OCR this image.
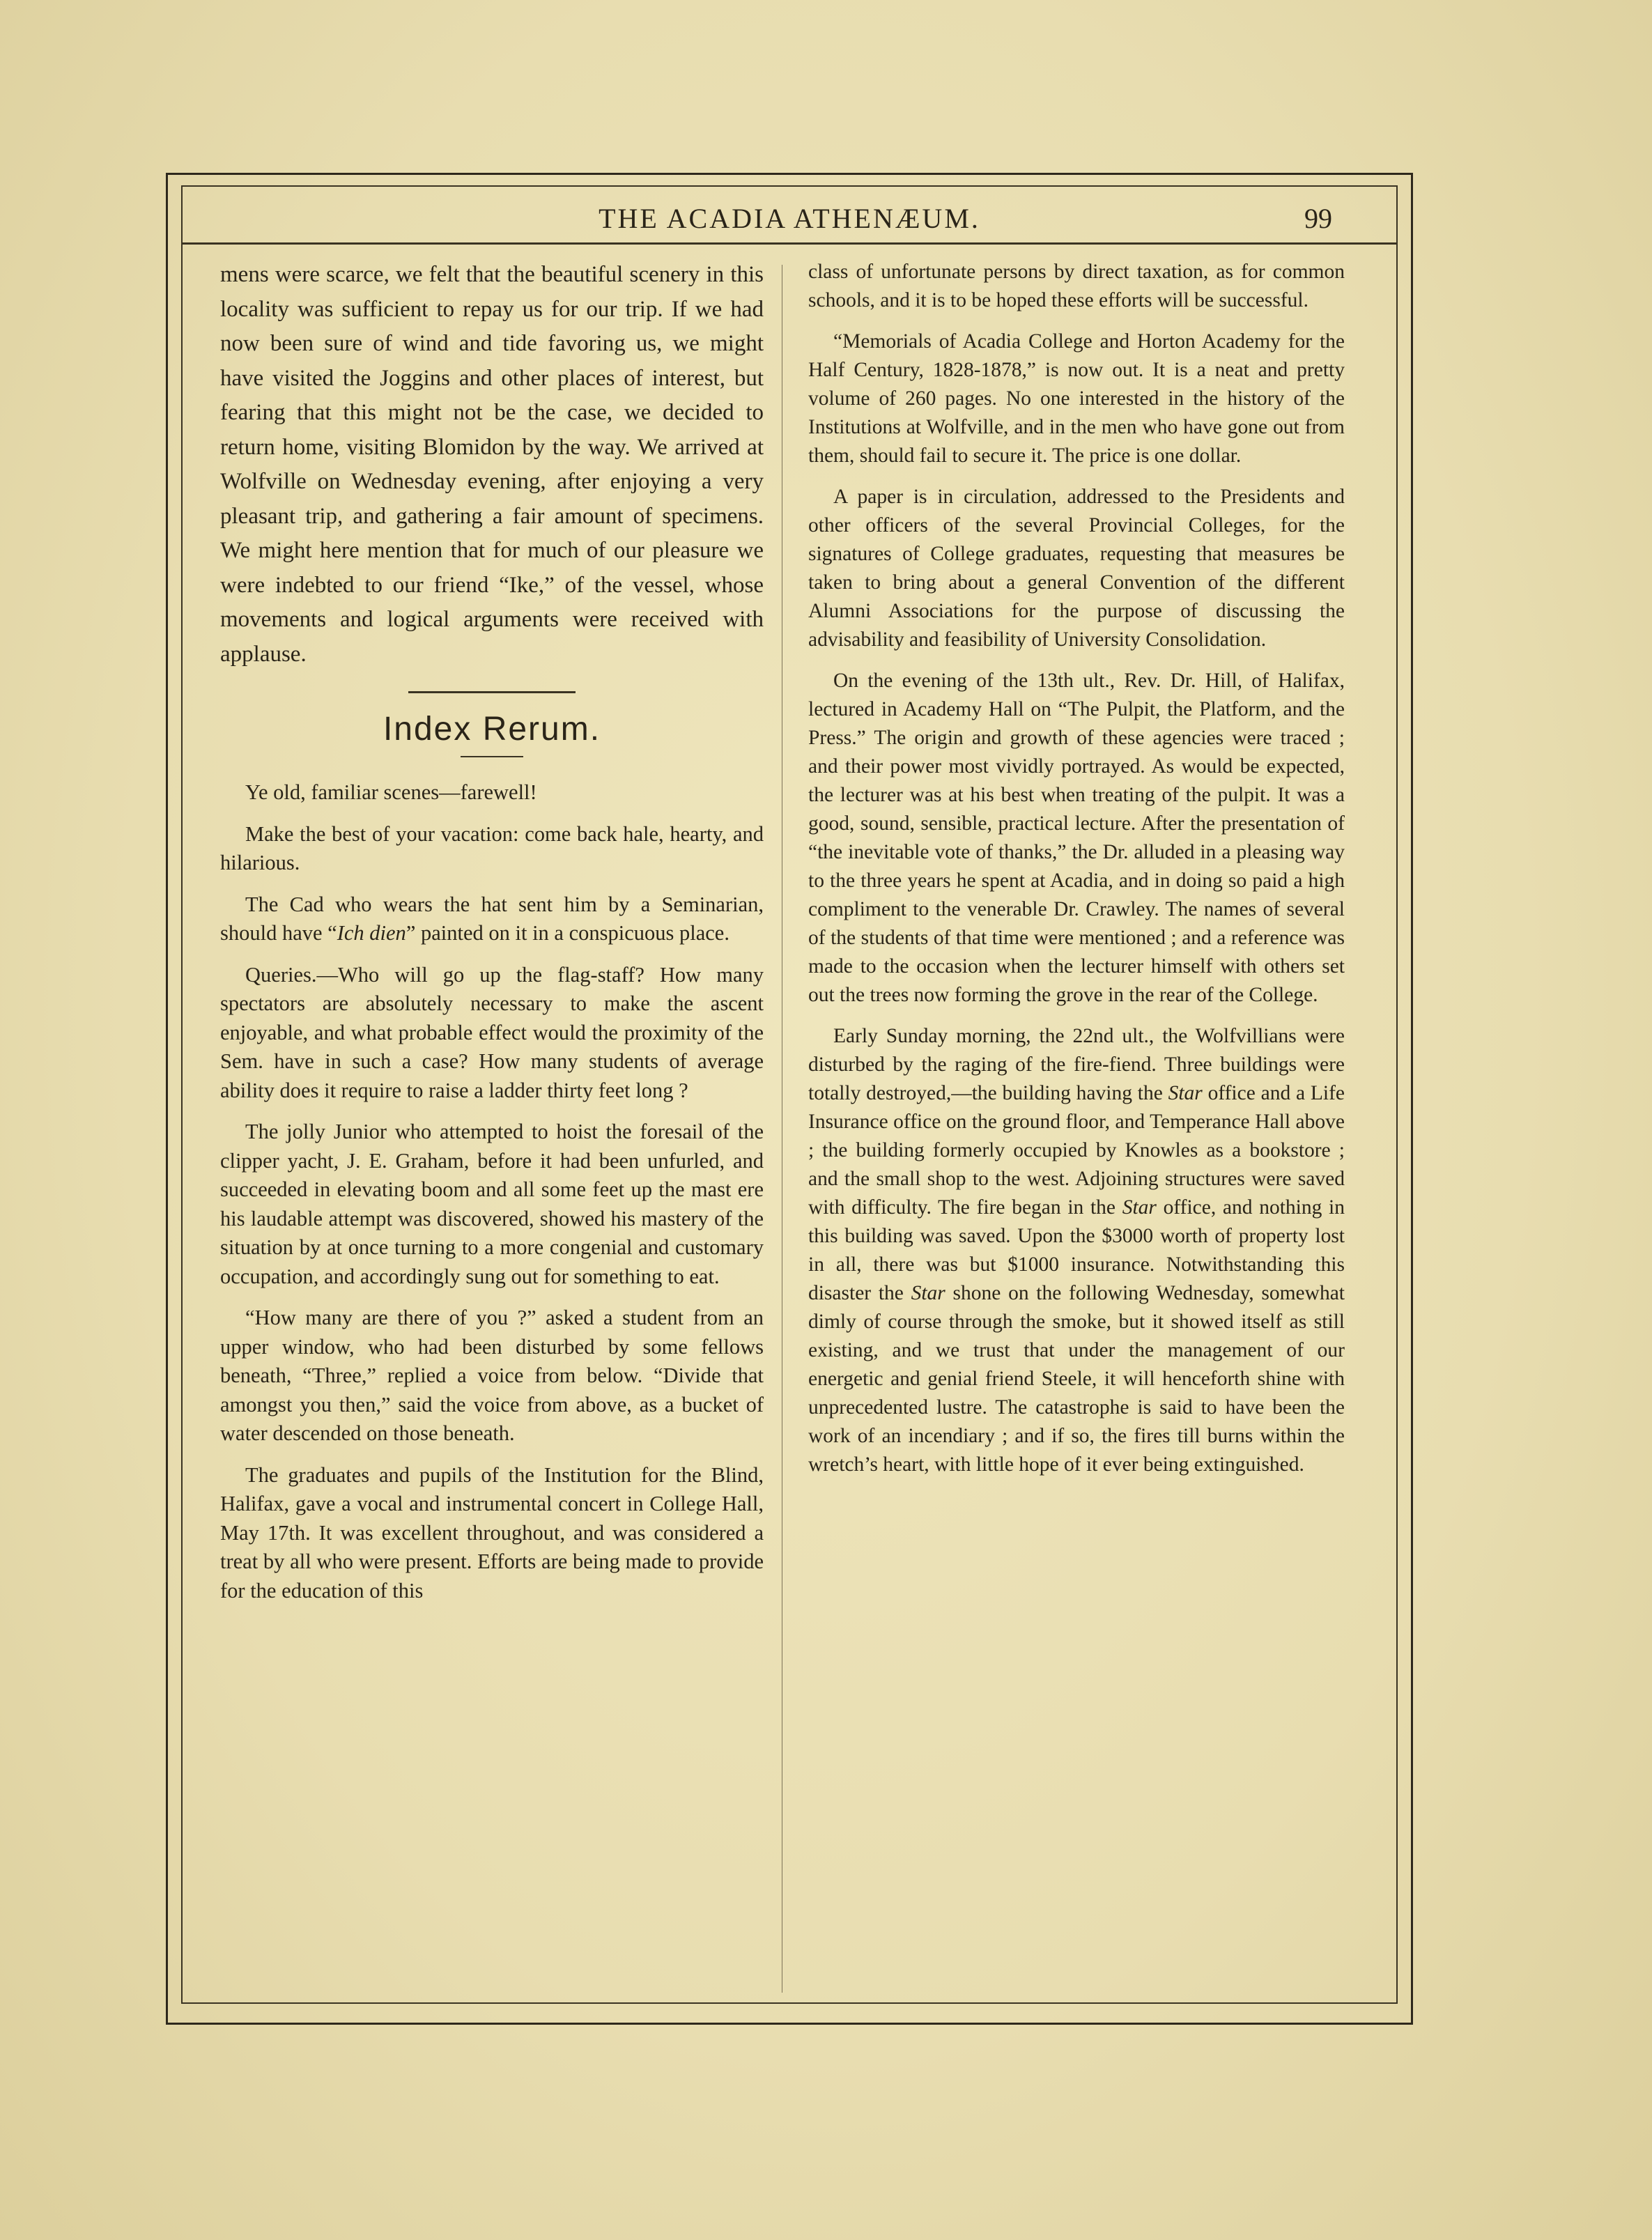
THE ACADIA ATHENÆUM.	99

mens were scarce, we felt that the beautiful scenery in this locality was sufficient to repay us for our trip. If we had now been sure of wind and tide favoring us, we might have visited the Joggins and other places of interest, but fearing that this might not be the case, we decided to return home, visiting Blomidon by the way. We arrived at Wolfville on Wednesday evening, after enjoying a very pleasant trip, and gathering a fair amount of specimens. We might here mention that for much of our pleasure we were indebted to our friend “Ike,” of the vessel, whose movements and logical arguments were received with applause.

Index Rerum.

Ye old, familiar scenes—farewell!

Make the best of your vacation: come back hale, hearty, and hilarious.

The Cad who wears the hat sent him by a Seminarian, should have “Ich dien” painted on it in a conspicuous place.

Queries.—Who will go up the flag-staff? How many spectators are absolutely necessary to make the ascent enjoyable, and what probable effect would the proximity of the Sem. have in such a case? How many students of average ability does it require to raise a ladder thirty feet long ?

The jolly Junior who attempted to hoist the foresail of the clipper yacht, J. E. Graham, before it had been unfurled, and succeeded in elevating boom and all some feet up the mast ere his laudable attempt was discovered, showed his mastery of the situation by at once turning to a more congenial and customary occupation, and accordingly sung out for something to eat.

“How many are there of you ?” asked a student from an upper window, who had been disturbed by some fellows beneath, “Three,” replied a voice from below. “Divide that amongst you then,” said the voice from above, as a bucket of water descended on those beneath.

The graduates and pupils of the Institution for the Blind, Halifax, gave a vocal and instrumental concert in College Hall, May 17th. It was excellent throughout, and was considered a treat by all who were present. Efforts are being made to provide for the education of this

class of unfortunate persons by direct taxation, as for common schools, and it is to be hoped these efforts will be successful.

“Memorials of Acadia College and Horton Academy for the Half Century, 1828-1878,” is now out. It is a neat and pretty volume of 260 pages. No one interested in the history of the Institutions at Wolfville, and in the men who have gone out from them, should fail to secure it. The price is one dollar.

A paper is in circulation, addressed to the Presidents and other officers of the several Provincial Colleges, for the signatures of College graduates, requesting that measures be taken to bring about a general Convention of the different Alumni Associations for the purpose of discussing the advisability and feasibility of University Consolidation.

On the evening of the 13th ult., Rev. Dr. Hill, of Halifax, lectured in Academy Hall on “The Pulpit, the Platform, and the Press.” The origin and growth of these agencies were traced ; and their power most vividly portrayed. As would be expected, the lecturer was at his best when treating of the pulpit. It was a good, sound, sensible, practical lecture. After the presentation of “the inevitable vote of thanks,” the Dr. alluded in a pleasing way to the three years he spent at Acadia, and in doing so paid a high compliment to the venerable Dr. Crawley. The names of several of the students of that time were mentioned ; and a reference was made to the occasion when the lecturer himself with others set out the trees now forming the grove in the rear of the College.

Early Sunday morning, the 22nd ult., the Wolfvillians were disturbed by the raging of the fire-fiend. Three buildings were totally destroyed,—the building having the Star office and a Life Insurance office on the ground floor, and Temperance Hall above ; the building formerly occupied by Knowles as a bookstore ; and the small shop to the west. Adjoining structures were saved with difficulty. The fire began in the Star office, and nothing in this building was saved. Upon the $3000 worth of property lost in all, there was but $1000 insurance. Notwithstanding this disaster the Star shone on the following Wednesday, somewhat dimly of course through the smoke, but it showed itself as still existing, and we trust that under the management of our energetic and genial friend Steele, it will henceforth shine with unprecedented lustre. The catastrophe is said to have been the work of an incendiary ; and if so, the fires till burns within the wretch’s heart, with little hope of it ever being extinguished.
